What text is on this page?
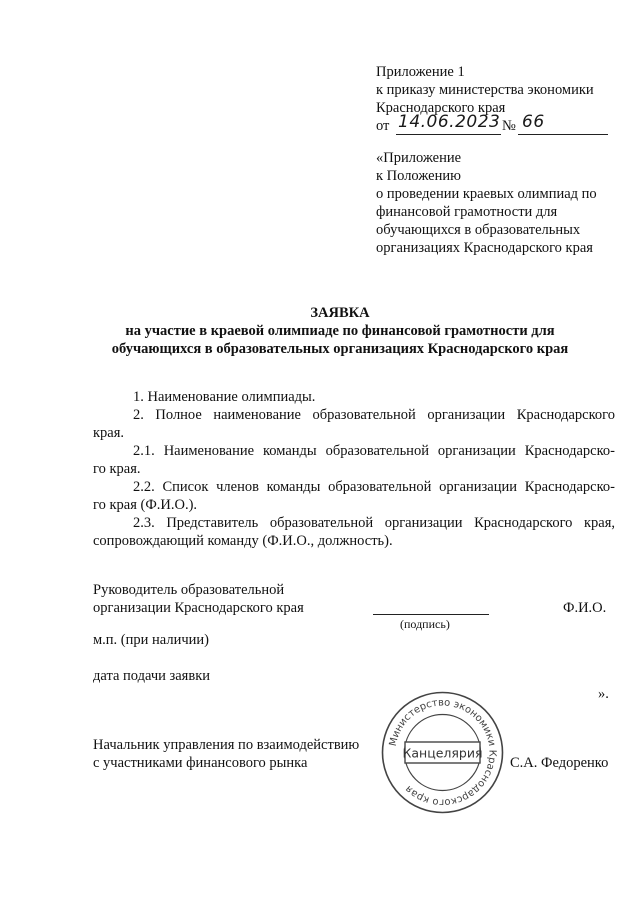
Приложение 1
к приказу министерства экономики
Краснодарского края
от 14.06.2023 № 66
«Приложение
к Положению
о проведении краевых олимпиад по
финансовой грамотности для
обучающихся в образовательных
организациях Краснодарского края
ЗАЯВКА
на участие в краевой олимпиаде по финансовой грамотности для
обучающихся в образовательных организациях Краснодарского края
1. Наименование олимпиады.
2. Полное наименование образовательной организации Краснодарского
края.
2.1. Наименование команды образовательной организации Краснодарско-
го края.
2.2. Список членов команды образовательной организации Краснодарско-
го края (Ф.И.О.).
2.3. Представитель образовательной организации Краснодарского края,
сопровождающий команду (Ф.И.О., должность).
Руководитель образовательной
организации Краснодарского края
(подпись)
Ф.И.О.
м.п. (при наличии)
дата подачи заявки
».
Начальник управления по взаимодействию
с участниками финансового рынка	С.А. Федоренко
Министерство экономики Краснодарского края
Канцелярия
